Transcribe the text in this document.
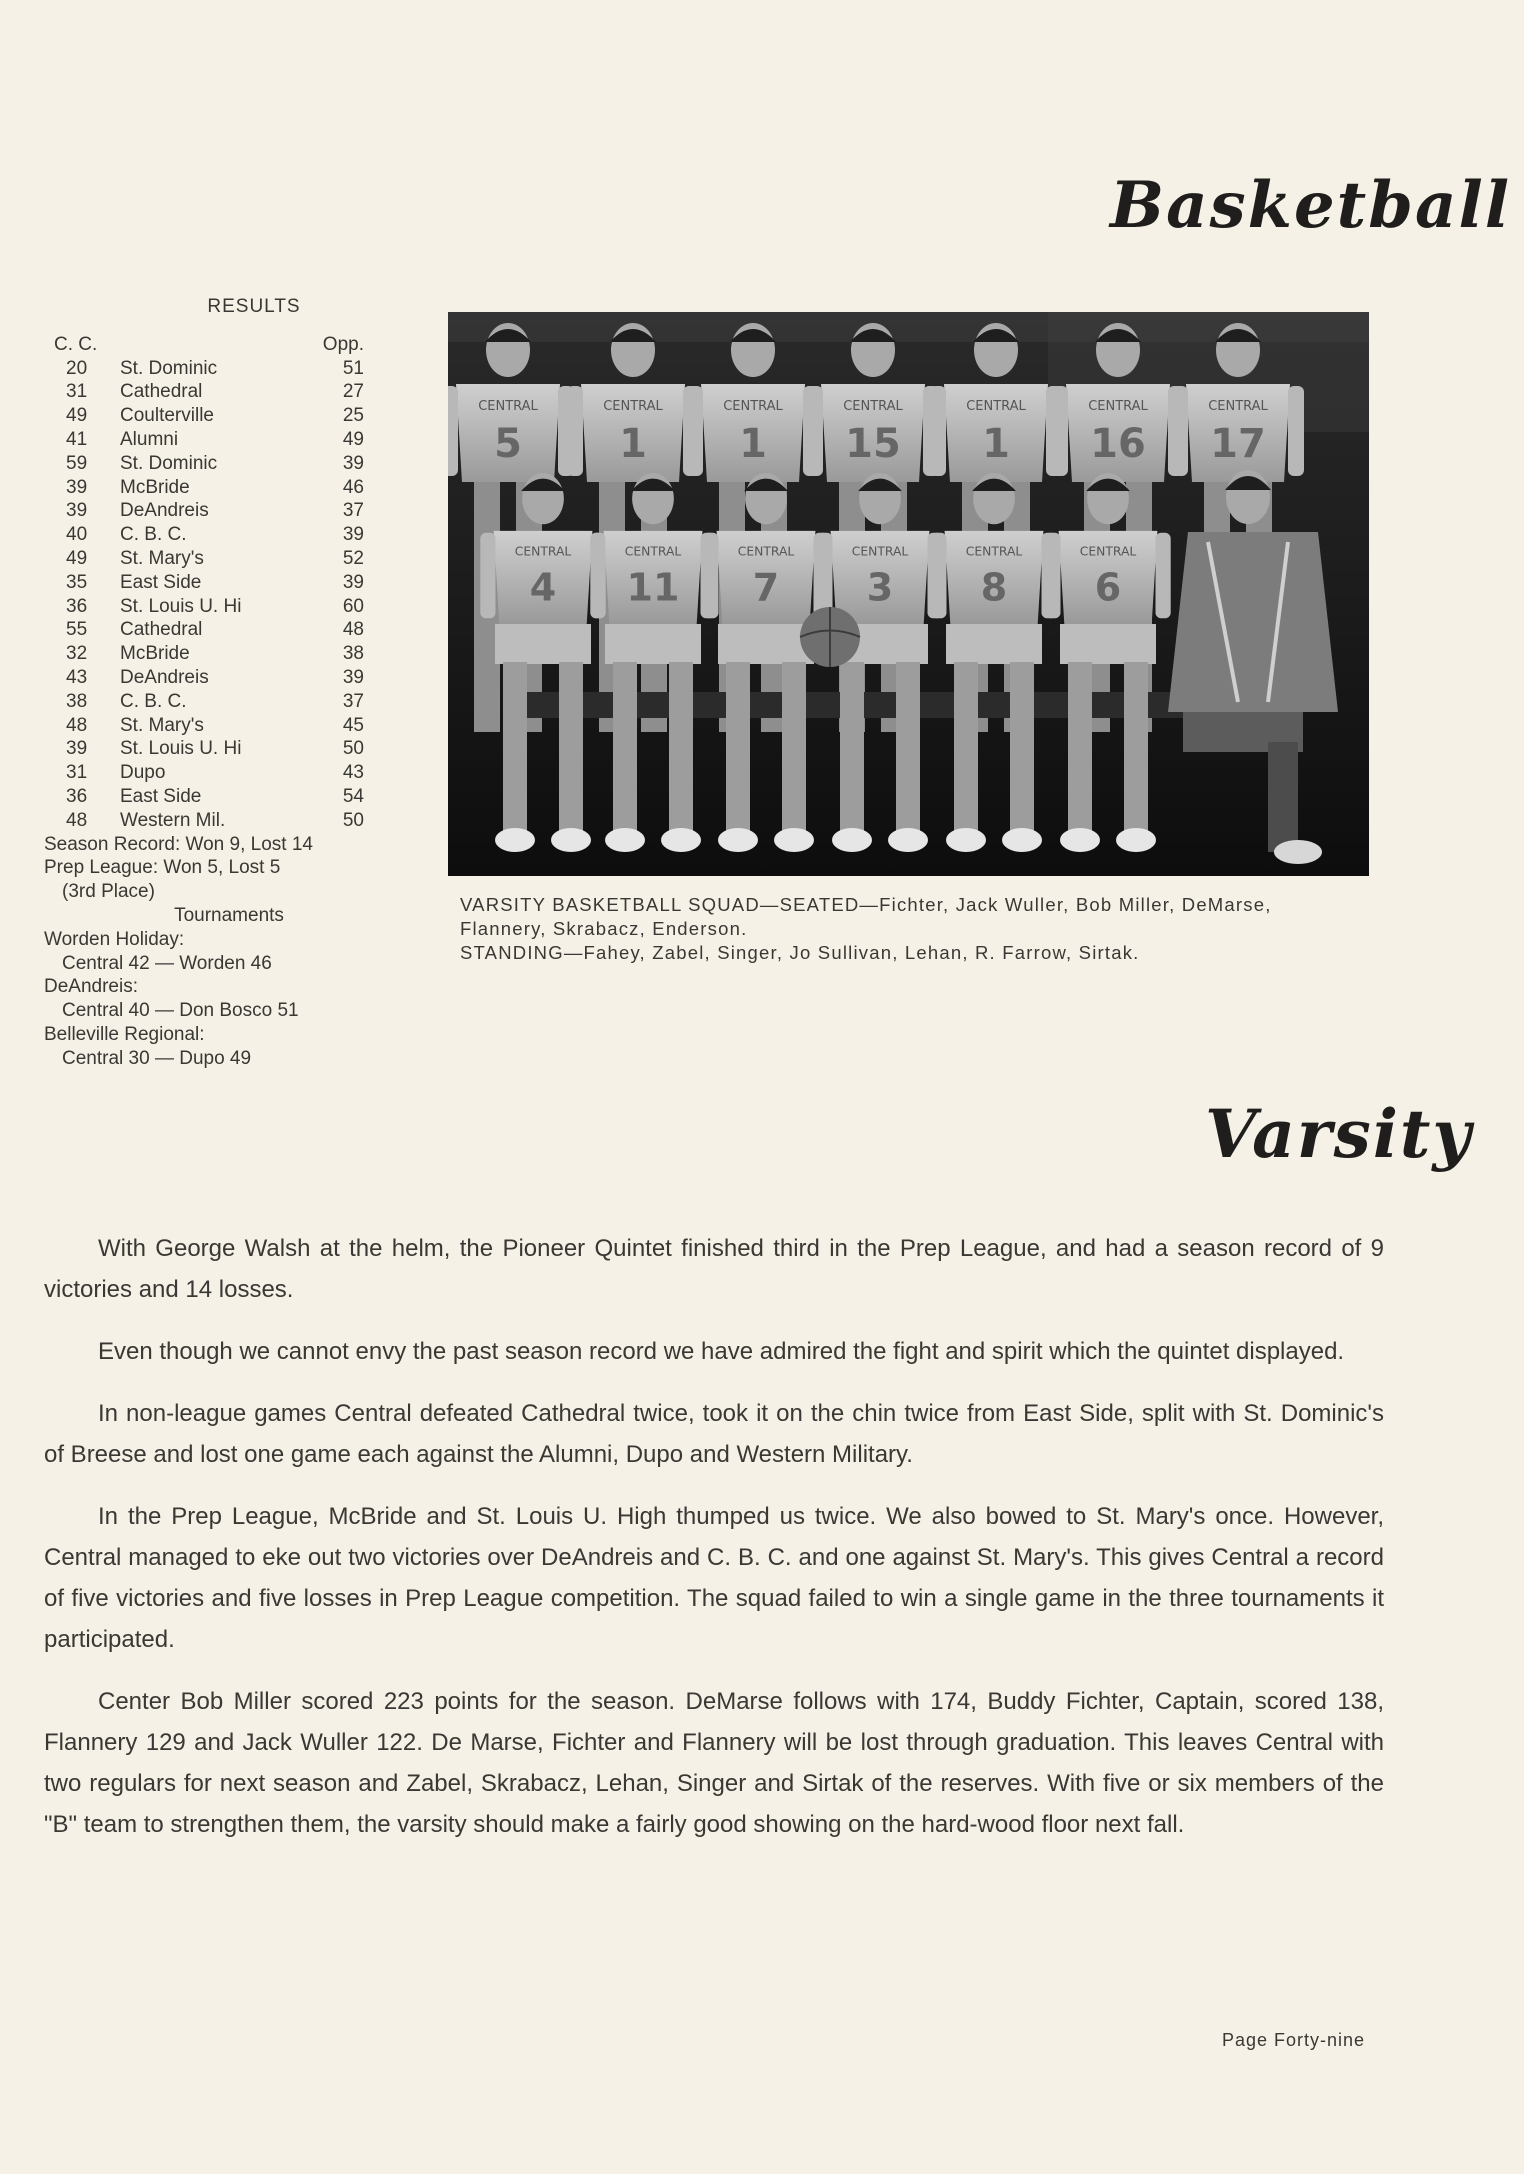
Basketball
RESULTS
C. C.	Opp.
20	St. Dominic	51
31	Cathedral	27
49	Coulterville	25
41	Alumni	49
59	St. Dominic	39
39	McBride	46
39	DeAndreis	37
40	C. B. C.	39
49	St. Mary's	52
35	East Side	39
36	St. Louis U. Hi	60
55	Cathedral	48
32	McBride	38
43	DeAndreis	39
38	C. B. C.	37
48	St. Mary's	45
39	St. Louis U. Hi	50
31	Dupo	43
36	East Side	54
48	Western Mil.	50
Season Record: Won 9, Lost 14
Prep League: Won 5, Lost 5
(3rd Place)
Tournaments
Worden Holiday:
Central 42 — Worden 46
DeAndreis:
Central 40 — Don Bosco 51
Belleville Regional:
Central 30 — Dupo 49
CENTRAL
5
CENTRAL
1
CENTRAL
1
CENTRAL
15
CENTRAL
1
CENTRAL
16
CENTRAL
17
CENTRAL
4
CENTRAL
11
CENTRAL
7
CENTRAL
3
CENTRAL
8
CENTRAL
6
VARSITY BASKETBALL SQUAD—SEATED—Fichter, Jack Wuller, Bob Miller, DeMarse,
Flannery, Skrabacz, Enderson.
STANDING—Fahey, Zabel, Singer, Jo Sullivan, Lehan, R. Farrow, Sirtak.
Varsity

With George Walsh at the helm, the Pioneer Quintet finished third in the Prep League, and had a season record of 9 victories and 14 losses.

Even though we cannot envy the past season record we have admired the fight and spirit which the quintet displayed.

In non-league games Central defeated Cathedral twice, took it on the chin twice from East Side, split with St. Dominic's of Breese and lost one game each against the Alumni, Dupo and Western Military.

In the Prep League, McBride and St. Louis U. High thumped us twice. We also bowed to St. Mary's once. However, Central managed to eke out two victories over DeAndreis and C. B. C. and one against St. Mary's. This gives Central a record of five victories and five losses in Prep League competition. The squad failed to win a single game in the three tournaments it participated.

Center Bob Miller scored 223 points for the season. DeMarse follows with 174, Buddy Fichter, Captain, scored 138, Flannery 129 and Jack Wuller 122. De Marse, Fichter and Flannery will be lost through graduation. This leaves Central with two regulars for next season and Zabel, Skrabacz, Lehan, Singer and Sirtak of the reserves. With five or six members of the "B" team to strengthen them, the varsity should make a fairly good showing on the hard-wood floor next fall.

Page Forty-nine
